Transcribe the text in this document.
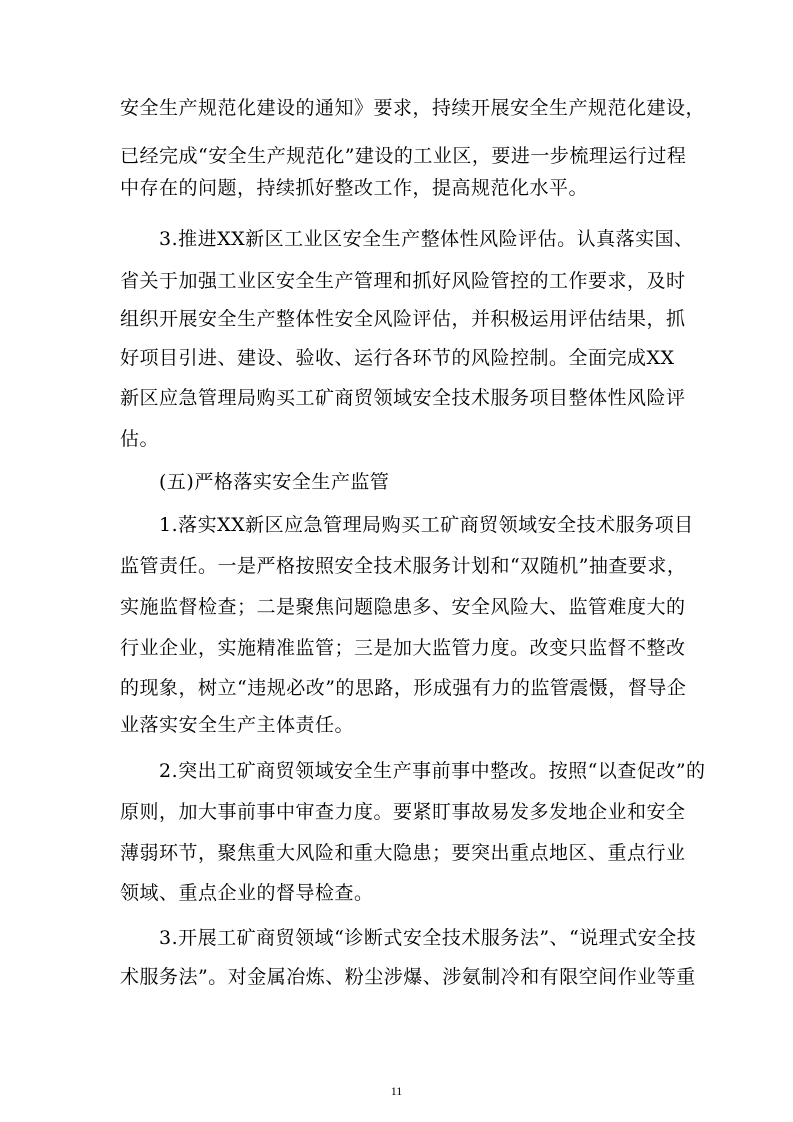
安全生产规范化建设的通知》要求，持续开展安全生产规范化建设，
已经完成“安全生产规范化”建设的工业区，要进一步梳理运行过程
中存在的问题，持续抓好整改工作，提高规范化水平。
3.推进XX新区工业区安全生产整体性风险评估。认真落实国、
省关于加强工业区安全生产管理和抓好风险管控的工作要求，及时
组织开展安全生产整体性安全风险评估，并积极运用评估结果，抓
好项目引进、建设、验收、运行各环节的风险控制。全面完成XX
新区应急管理局购买工矿商贸领域安全技术服务项目整体性风险评
估。
(五)严格落实安全生产监管
1.落实XX新区应急管理局购买工矿商贸领域安全技术服务项目
监管责任。一是严格按照安全技术服务计划和“双随机”抽查要求，
实施监督检查；二是聚焦问题隐患多、安全风险大、监管难度大的
行业企业，实施精准监管；三是加大监管力度。改变只监督不整改
的现象，树立“违规必改”的思路，形成强有力的监管震慑，督导企
业落实安全生产主体责任。
2.突出工矿商贸领域安全生产事前事中整改。按照“以查促改”的
原则，加大事前事中审查力度。要紧盯事故易发多发地企业和安全
薄弱环节，聚焦重大风险和重大隐患；要突出重点地区、重点行业
领域、重点企业的督导检查。
3.开展工矿商贸领域“诊断式安全技术服务法”、“说理式安全技
术服务法”。对金属冶炼、粉尘涉爆、涉氨制冷和有限空间作业等重
11
